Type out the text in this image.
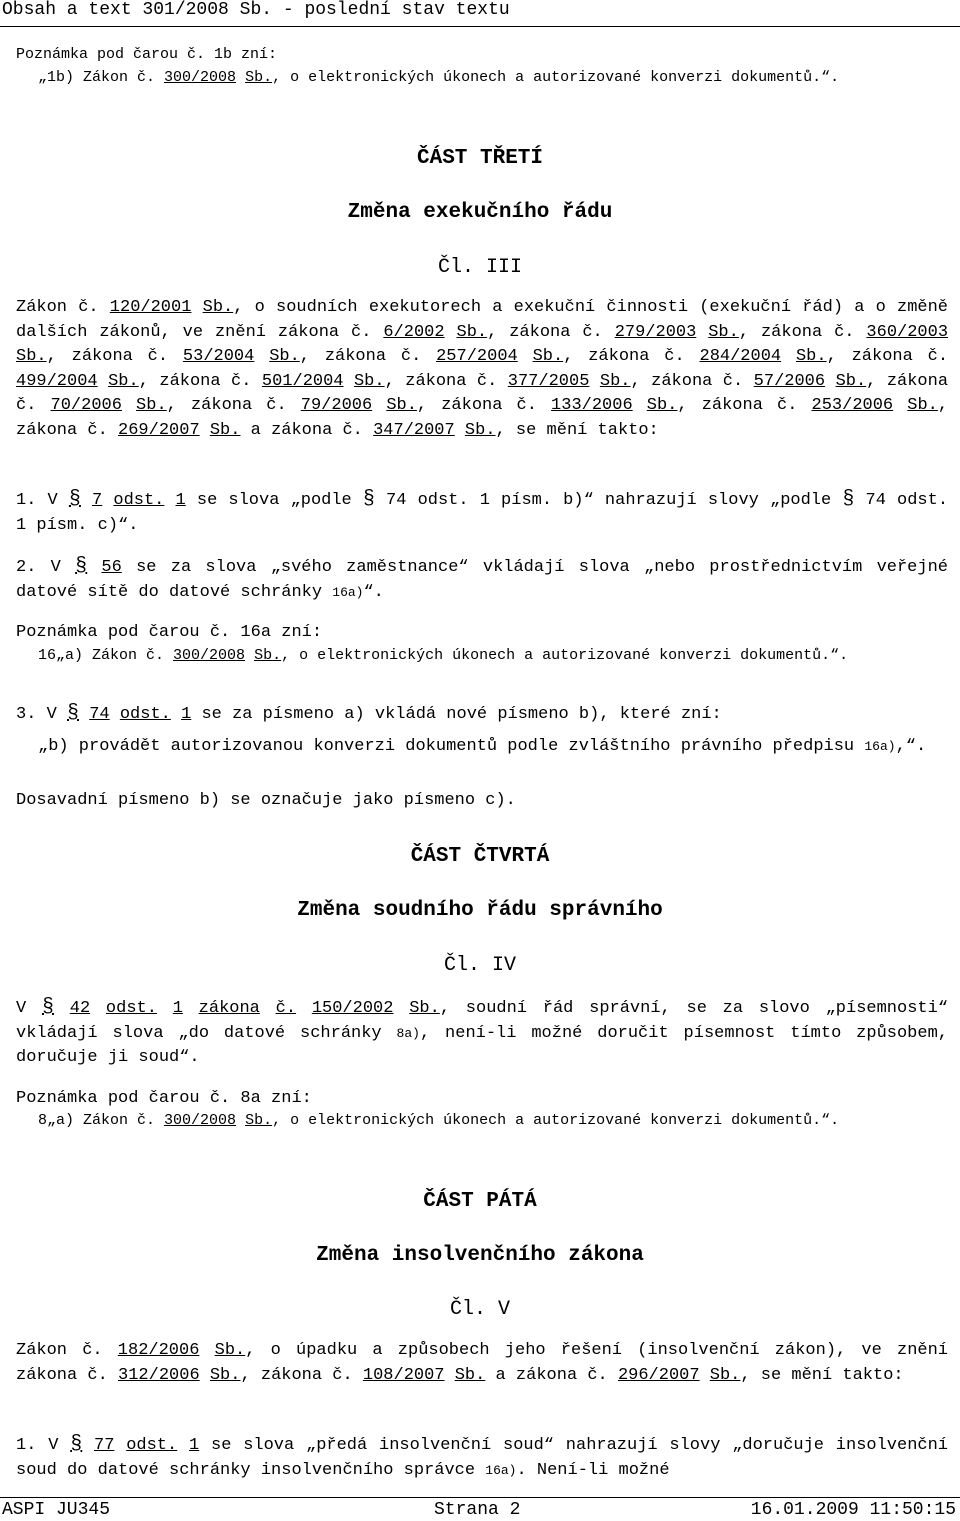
Obsah a text 301/2008 Sb. - poslední stav textu
Poznámka pod čarou č. 1b zní:
„1b) Zákon č. 300/2008 Sb., o elektronických úkonech a autorizované konverzi dokumentů.“.
ČÁST TŘETÍ
Změna exekučního řádu
Čl. III
Zákon č. 120/2001 Sb., o soudních exekutorech a exekuční činnosti (exekuční řád) a o změně dalších zákonů, ve znění zákona č. 6/2002 Sb., zákona č. 279/2003 Sb., zákona č. 360/2003 Sb., zákona č. 53/2004 Sb., zákona č. 257/2004 Sb., zákona č. 284/2004 Sb., zákona č. 499/2004 Sb., zákona č. 501/2004 Sb., zákona č. 377/2005 Sb., zákona č. 57/2006 Sb., zákona č. 70/2006 Sb., zákona č. 79/2006 Sb., zákona č. 133/2006 Sb., zákona č. 253/2006 Sb., zákona č. 269/2007 Sb. a zákona č. 347/2007 Sb., se mění takto:
1. V § 7 odst. 1 se slova „podle § 74 odst. 1 písm. b)“ nahrazují slovy „podle § 74 odst. 1 písm. c)“.
2. V § 56 se za slova „svého zaměstnance“ vkládají slova „nebo prostřednictvím veřejné datové sítě do datové schránky 16a)“.
Poznámka pod čarou č. 16a zní:
16„a) Zákon č. 300/2008 Sb., o elektronických úkonech a autorizované konverzi dokumentů.“.
3. V § 74 odst. 1 se za písmeno a) vkládá nové písmeno b), které zní:
„b) provádět autorizovanou konverzi dokumentů podle zvláštního právního předpisu 16a),“.
Dosavadní písmeno b) se označuje jako písmeno c).
ČÁST ČTVRTÁ
Změna soudního řádu správního
Čl. IV
V § 42 odst. 1 zákona č. 150/2002 Sb., soudní řád správní, se za slovo „písemnosti“ vkládají slova „do datové schránky 8a), není-li možné doručit písemnost tímto způsobem, doručuje ji soud“.
Poznámka pod čarou č. 8a zní:
8„a) Zákon č. 300/2008 Sb., o elektronických úkonech a autorizované konverzi dokumentů.“.
ČÁST PÁTÁ
Změna insolvenčního zákona
Čl. V
Zákon č. 182/2006 Sb., o úpadku a způsobech jeho řešení (insolvenční zákon), ve znění zákona č. 312/2006 Sb., zákona č. 108/2007 Sb. a zákona č. 296/2007 Sb., se mění takto:
1. V § 77 odst. 1 se slova „předá insolvenční soud“ nahrazují slovy „doručuje insolvenční soud do datové schránky insolvenčního správce 16a). Není-li možné
ASPI JU345	Strana 2	16.01.2009 11:50:15
